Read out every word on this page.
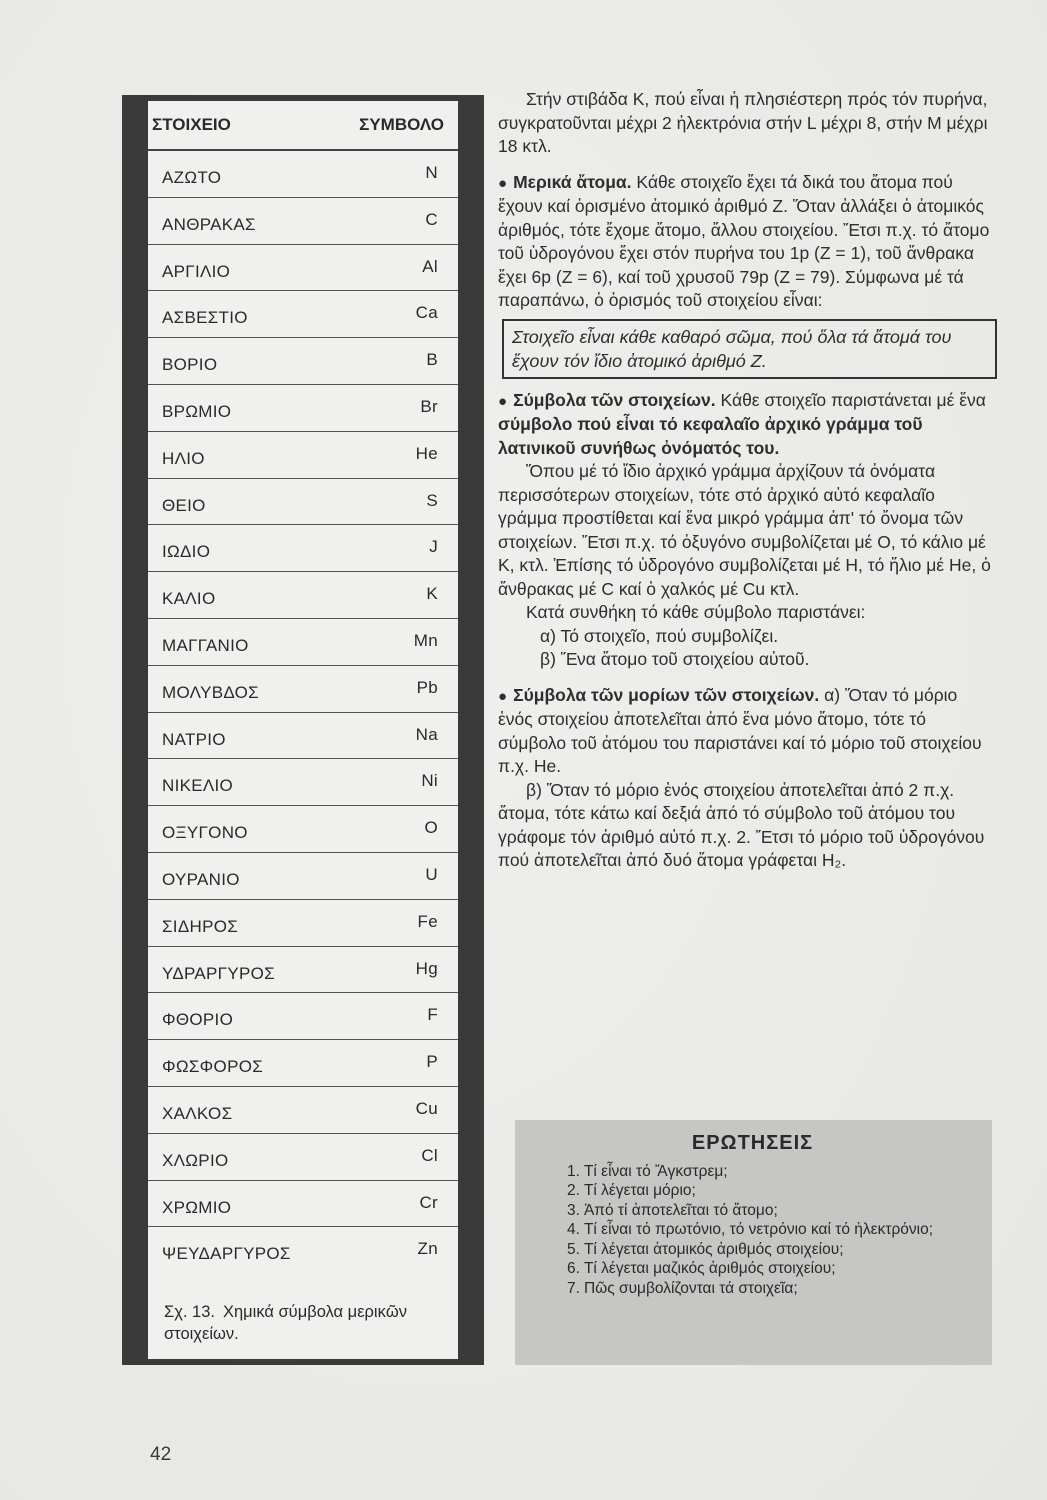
ΣΤΟΙΧΕΙΟ	ΣΥΜΒΟΛΟ
ΑΖΩΤΟ	N
ΑΝΘΡΑΚΑΣ	C
ΑΡΓΙΛΙΟ	Al
ΑΣΒΕΣΤΙΟ	Ca
ΒΟΡΙΟ	B
ΒΡΩΜΙΟ	Br
ΗΛΙΟ	He
ΘΕΙΟ	S
ΙΩΔΙΟ	J
ΚΑΛΙΟ	K
ΜΑΓΓΑΝΙΟ	Mn
ΜΟΛΥΒΔΟΣ	Pb
ΝΑΤΡΙΟ	Na
ΝΙΚΕΛΙΟ	Ni
ΟΞΥΓΟΝΟ	O
ΟΥΡΑΝΙΟ	U
ΣΙΔΗΡΟΣ	Fe
ΥΔΡΑΡΓΥΡΟΣ	Hg
ΦΘΟΡΙΟ	F
ΦΩΣΦΟΡΟΣ	P
ΧΑΛΚΟΣ	Cu
ΧΛΩΡΙΟ	Cl
ΧΡΩΜΙΟ	Cr
ΨΕΥΔΑΡΓΥΡΟΣ	Zn
Σχ. 13. Χημικά σύμβολα μερικῶν στοιχείων.

Στήν στιβάδα Κ, πού εἶναι ἡ πλησιέστερη πρός τόν πυρήνα, συγκρατοῦνται μέχρι 2 ἠλεκτρόνια στήν L μέχρι 8, στήν Μ μέχρι 18 κτλ.

● Μερικά ἄτομα. Κάθε στοιχεῖο ἔχει τά δικά του ἄτομα πού ἔχουν καί ὁρισμένο ἀτομικό ἀριθμό Ζ. Ὅταν ἀλλάξει ὁ ἀτομικός ἀριθμός, τότε ἔχομε ἄτομο, ἄλλου στοιχείου. Ἔτσι π.χ. τό ἄτομο τοῦ ὑδρογόνου ἔχει στόν πυρήνα του 1p (Z = 1), τοῦ ἄνθρακα ἔχει 6p (Z = 6), καί τοῦ χρυσοῦ 79p (Z = 79). Σύμφωνα μέ τά παραπάνω, ὁ ὁρισμός τοῦ στοιχείου εἶναι:

Στοιχεῖο εἶναι κάθε καθαρό σῶμα, πού ὅλα τά ἄτομά του ἔχουν τόν ἴδιο ἀτομικό ἀριθμό Ζ.

● Σύμβολα τῶν στοιχείων. Κάθε στοιχεῖο παριστάνεται μέ ἕνα σύμβολο πού εἶναι τό κεφαλαῖο ἀρχικό γράμμα τοῦ λατινικοῦ συνήθως ὀνόματός του.

Ὅπου μέ τό ἴδιο ἀρχικό γράμμα ἀρχίζουν τά ὀνόματα περισσότερων στοιχείων, τότε στό ἀρχικό αὐτό κεφαλαῖο γράμμα προστίθεται καί ἕνα μικρό γράμμα ἀπ' τό ὄνομα τῶν στοιχείων. Ἔτσι π.χ. τό ὀξυγόνο συμβολίζεται μέ Ο, τό κάλιο μέ Κ, κτλ. Ἐπίσης τό ὑδρογόνο συμβολίζεται μέ Η, τό ἥλιο μέ He, ὁ ἄνθρακας μέ C καί ὁ χαλκός μέ Cu κτλ.

Κατά συνθήκη τό κάθε σύμβολο παριστάνει:

α) Τό στοιχεῖο, πού συμβολίζει.

β) Ἕνα ἄτομο τοῦ στοιχείου αὐτοῦ.

● Σύμβολα τῶν μορίων τῶν στοιχείων. α) Ὅταν τό μόριο ἑνός στοιχείου ἀποτελεῖται ἀπό ἕνα μόνο ἄτομο, τότε τό σύμβολο τοῦ ἀτόμου του παριστάνει καί τό μόριο τοῦ στοιχείου π.χ. He.

β) Ὅταν τό μόριο ἑνός στοιχείου ἀποτελεῖται ἀπό 2 π.χ. ἄτομα, τότε κάτω καί δεξιά ἀπό τό σύμβολο τοῦ ἀτόμου του γράφομε τόν ἀριθμό αὐτό π.χ. 2. Ἔτσι τό μόριο τοῦ ὑδρογόνου πού ἀποτελεῖται ἀπό δυό ἄτομα γράφεται H₂.

ΕΡΩΤΗΣΕΙΣ
1. Τί εἶναι τό Ἄγκστρεμ;
2. Τί λέγεται μόριο;
3. Ἀπό τί ἀποτελεῖται τό ἄτομο;
4. Τί εἶναι τό πρωτόνιο, τό νετρόνιο καί τό ἠλεκτρόνιο;
5. Τί λέγεται ἀτομικός ἀριθμός στοιχείου;
6. Τί λέγεται μαζικός ἀριθμός στοιχείου;
7. Πῶς συμβολίζονται τά στοιχεῖα;
42
